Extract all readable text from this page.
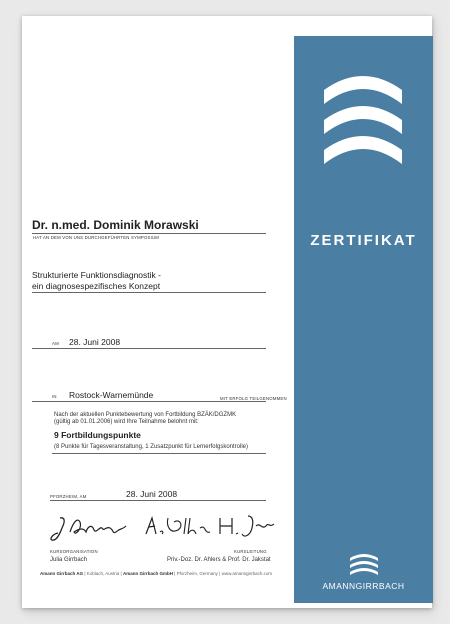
ZERTIFIKAT
AMANNGIRRBACH
Dr. n.med. Dominik Morawski
HAT AN DEM VON UNS DURCHGEFÜHRTEN SYMPOSIUM
Strukturierte Funktionsdiagnostik -
ein diagnosespezifisches Konzept
AM 28. Juni 2008
IN Rostock-Warnemünde	MIT ERFOLG TEILGENOMMEN
Nach der aktuellen Punktebewertung von Fortbildung BZÄK/DGZMK
(gültig ab 01.01.2006) wird Ihre Teilnahme belohnt mit:
9 Fortbildungspunkte
(8 Punkte für Tagesveranstaltung, 1 Zusatzpunkt für Lernerfolgskontrolle)
PFORZHEIM, AM	28. Juni 2008
KURSORGANISATION
Julia Girrbach
KURSLEITUNG
Priv.-Doz. Dr. Ahlers & Prof. Dr. Jakstat
Amann Girrbach AG | Koblach, Austria | Amann Girrbach GmbH | Pforzheim, Germany | www.amanngirrbach.com
